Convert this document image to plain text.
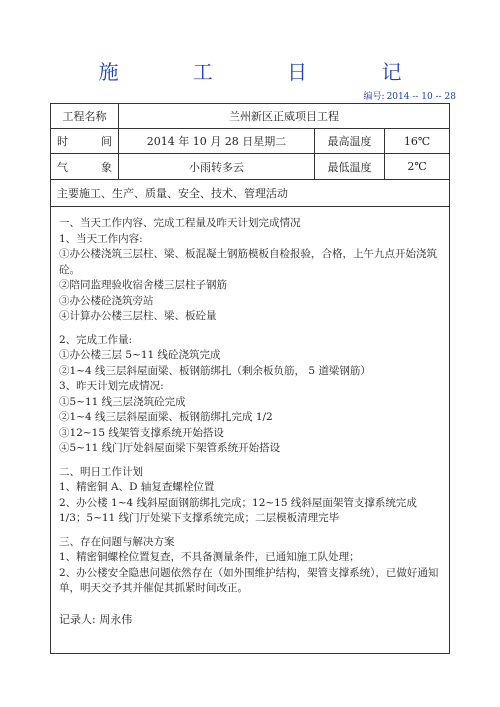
施 工 日 记
编号: 2014 -- 10 -- 28
工程名称	兰州新区正威项目工程
时	间	2014 年 10 月 28 日星期二	最高温度	16℃
气	象	小雨转多云	最低温度	2℃
主要施工、生产、质量、安全、技术、管理活动

一、当天工作内容、完成工程量及昨天计划完成情况

1、当天工作内容:

①办公楼浇筑三层柱、梁、板混凝土钢筋模板自检报验，合格，上午九点开始浇筑砼。

②陪同监理验收宿舍楼三层柱子钢筋

③办公楼砼浇筑旁站

④计算办公楼三层柱、梁、板砼量

2、完成工作量:

①办公楼三层 5~11 线砼浇筑完成

②1~4 线三层斜屋面梁、板钢筋绑扎（剩余板负筋， 5 道梁钢筋）

3、昨天计划完成情况:

①5~11 线三层浇筑砼完成

②1~4 线三层斜屋面梁、板钢筋绑扎完成 1/2

③12~15 线架管支撑系统开始搭设

④5~11 线门厅处斜屋面梁下架管系统开始搭设

二、明日工作计划

1、精密铜 A、D 轴复查螺栓位置

2、办公楼 1~4 线斜屋面钢筋绑扎完成；12~15 线斜屋面架管支撑系统完成 1/3；5~11 线门厅处梁下支撑系统完成；二层模板清理完毕

三、存在问题与解决方案

1、精密铜螺栓位置复查，不具备测量条件，已通知施工队处理；

2、办公楼安全隐患问题依然存在（如外围维护结构，架管支撑系统），已做好通知单，明天交予其并催促其抓紧时间改正。

记录人: 周永伟
